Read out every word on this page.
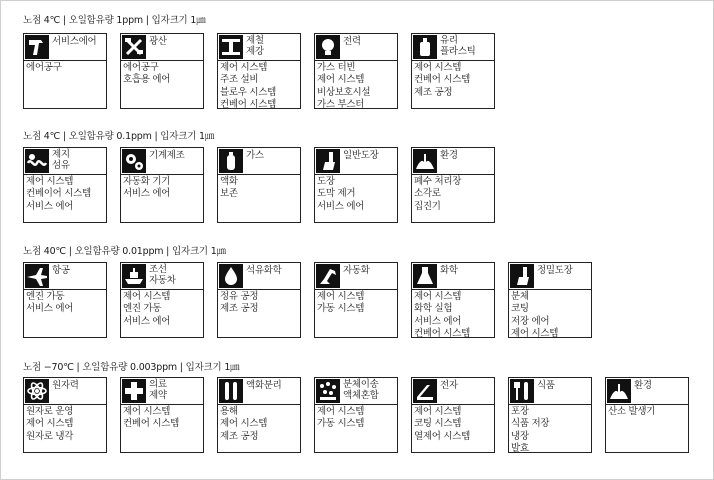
노점 4℃ | 오일함유량 1ppm | 입자크기 1㎛
서비스에어
에어공구
광산
에어공구
호흡용 에어
제철
제강
제어 시스템
주조 설비
블로우 시스템
컨베어 시스템
전력
가스 터빈
제어 시스템
비상보호시설
가스 부스터
유리
플라스틱
제어 시스템
컨베어 시스템
제조 공정
노점 4℃ | 오일함유량 0.1ppm | 입자크기 1㎛
제지
섬유
제어 시스템
컨베이어 시스템
서비스 에어
기계제조
자동화 기기
서비스 에어
가스
액화
보존
일반도장
도장
도막 제거
서비스 에어
환경
폐수 처리장
소각로
집진기
노점 40℃ | 오일함유량 0.01ppm | 입자크기 1㎛
항공
엔진 가동
서비스 에어
조선
자동차
제어 시스템
엔진 가동
서비스 에어
석유화학
정유 공정
제조 공정
자동화
제어 시스템
가동 시스템
화학
제어 시스템
화학 실험
서비스 에어
컨베어 시스템
정밀도장
분체
코팅
저장 에어
제어 시스템
노점 −70℃ | 오일함유량 0.003ppm | 입자크기 1㎛
원자력
원자로 운영
제어 시스템
원자로 냉각
의료
제약
제어 시스템
컨베어 시스템
액화분리
용해
제어 시스템
제조 공정
분체이송
액체혼합
제어 시스템
가동 시스템
전자
제어 시스템
코팅 시스템
열제어 시스템
식품
포장
식품 저장
냉장
발효
환경
산소 발생기
